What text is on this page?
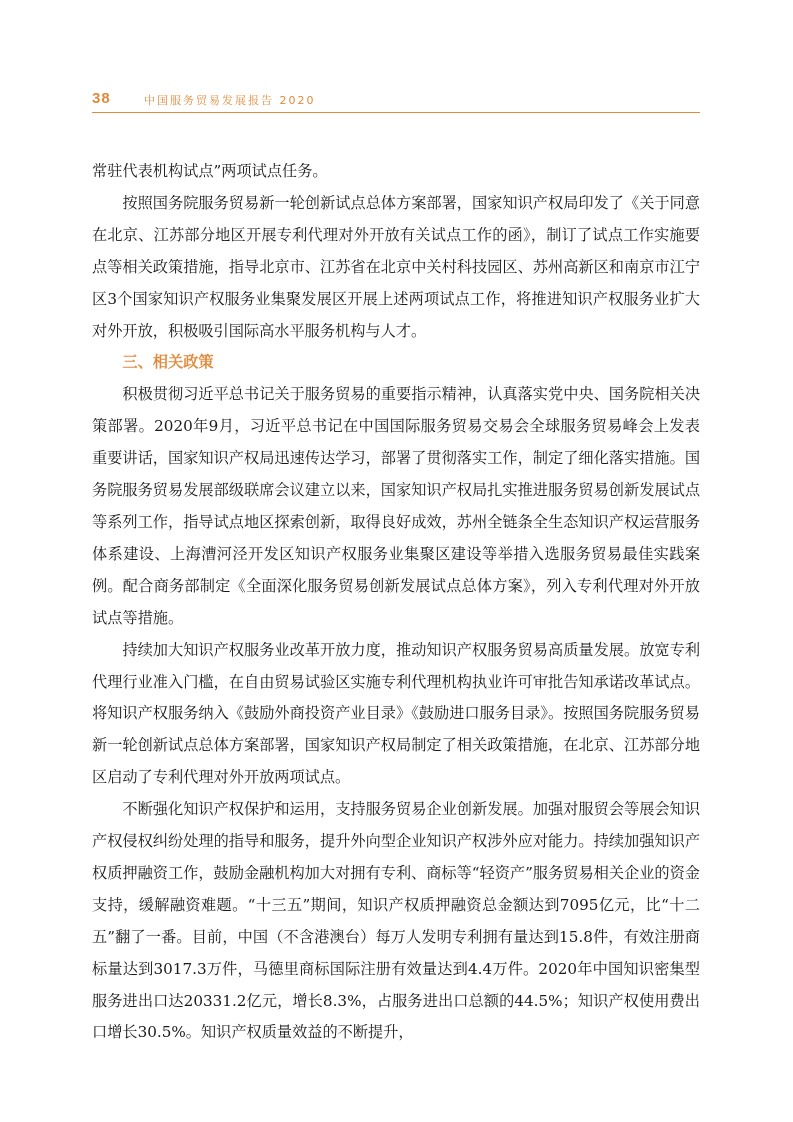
38	中国服务贸易发展报告 2020

常驻代表机构试点”两项试点任务。

按照国务院服务贸易新一轮创新试点总体方案部署，国家知识产权局印发了《关于同意在北京、江苏部分地区开展专利代理对外开放有关试点工作的函》，制订了试点工作实施要点等相关政策措施，指导北京市、江苏省在北京中关村科技园区、苏州高新区和南京市江宁区3个国家知识产权服务业集聚发展区开展上述两项试点工作，将推进知识产权服务业扩大对外开放，积极吸引国际高水平服务机构与人才。

三、相关政策

积极贯彻习近平总书记关于服务贸易的重要指示精神，认真落实党中央、国务院相关决策部署。2020年9月，习近平总书记在中国国际服务贸易交易会全球服务贸易峰会上发表重要讲话，国家知识产权局迅速传达学习，部署了贯彻落实工作，制定了细化落实措施。国务院服务贸易发展部级联席会议建立以来，国家知识产权局扎实推进服务贸易创新发展试点等系列工作，指导试点地区探索创新，取得良好成效，苏州全链条全生态知识产权运营服务体系建设、上海漕河泾开发区知识产权服务业集聚区建设等举措入选服务贸易最佳实践案例。配合商务部制定《全面深化服务贸易创新发展试点总体方案》，列入专利代理对外开放试点等措施。

持续加大知识产权服务业改革开放力度，推动知识产权服务贸易高质量发展。放宽专利代理行业准入门槛，在自由贸易试验区实施专利代理机构执业许可审批告知承诺改革试点。将知识产权服务纳入《鼓励外商投资产业目录》《鼓励进口服务目录》。按照国务院服务贸易新一轮创新试点总体方案部署，国家知识产权局制定了相关政策措施，在北京、江苏部分地区启动了专利代理对外开放两项试点。

不断强化知识产权保护和运用，支持服务贸易企业创新发展。加强对服贸会等展会知识产权侵权纠纷处理的指导和服务，提升外向型企业知识产权涉外应对能力。持续加强知识产权质押融资工作，鼓励金融机构加大对拥有专利、商标等“轻资产”服务贸易相关企业的资金支持，缓解融资难题。“十三五”期间，知识产权质押融资总金额达到7095亿元，比“十二五”翻了一番。目前，中国（不含港澳台）每万人发明专利拥有量达到15.8件，有效注册商标量达到3017.3万件，马德里商标国际注册有效量达到4.4万件。2020年中国知识密集型服务进出口达20331.2亿元，增长8.3%，占服务进出口总额的44.5%；知识产权使用费出口增长30.5%。知识产权质量效益的不断提升，
